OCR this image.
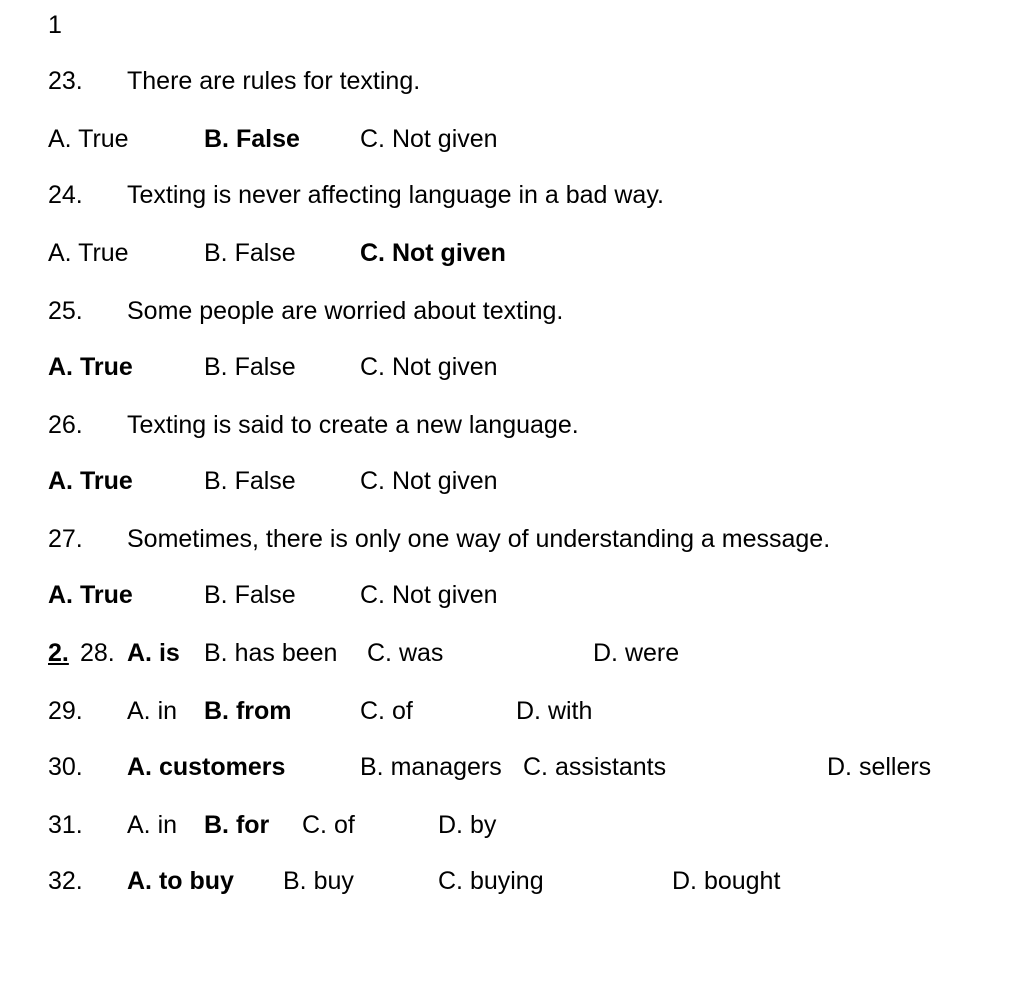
1
23. There are rules for texting.
A. True	B. False C. Not given
24. Texting is never affecting language in a bad way.
A. True	B. False	C. Not given
25. Some people are worried about texting.
A. True	B. False	C. Not given
26. Texting is said to create a new language.
A. True	B. False	C. Not given
27. Sometimes, there is only one way of understanding a message.
A. True	B. False	C. Not given
2. 28. A. is B. has been C. was	D. were
29. A. in B. from	C. of	D. with
30. A. customers	B. managers C. assistants	D. sellers
31. A. in B. for C. of	D. by
32. A. to buy B. buy	C. buying	D. bought
